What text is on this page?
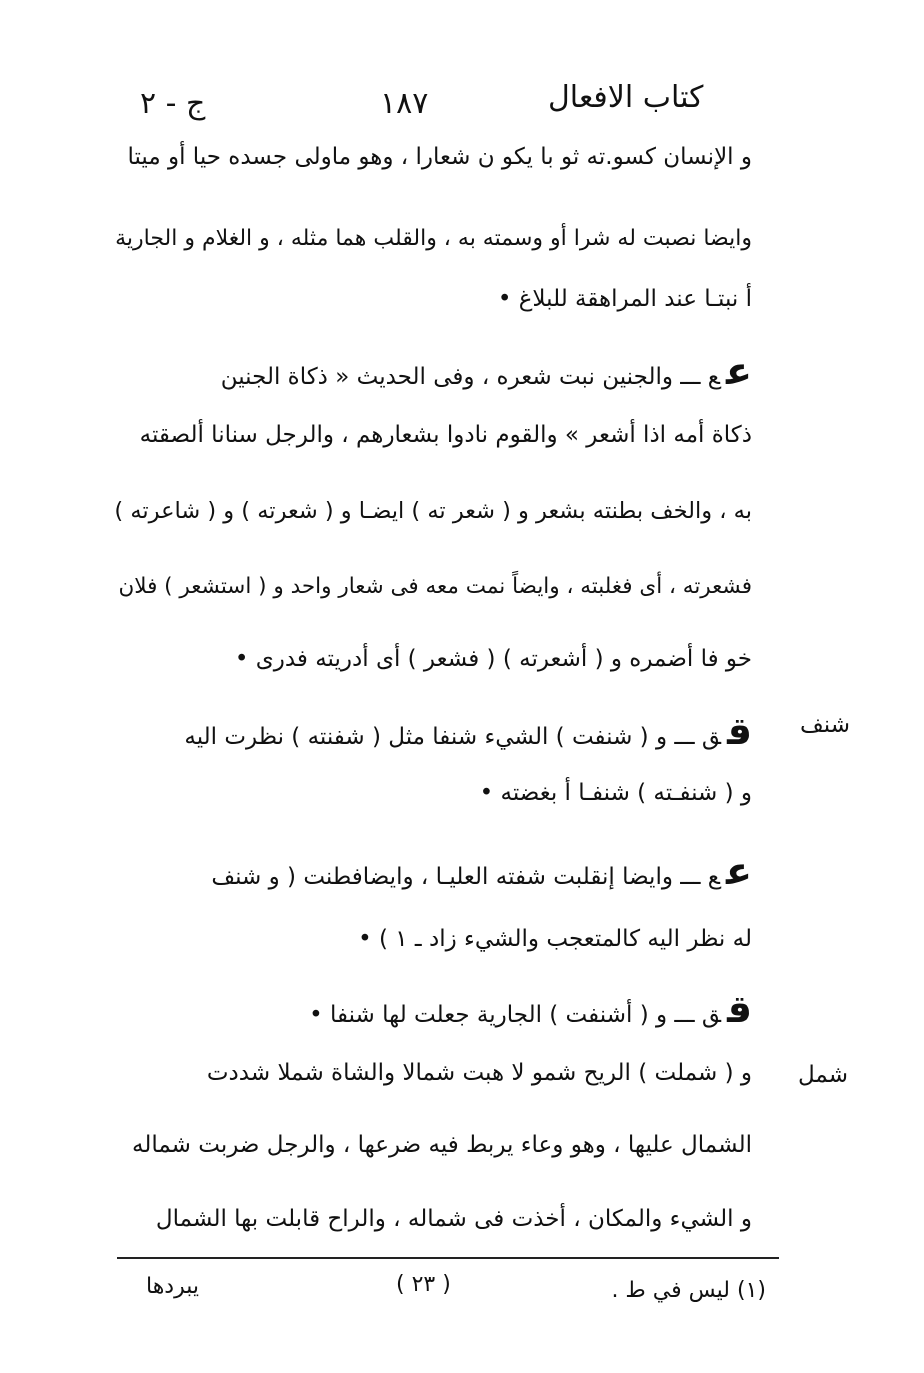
كتاب الافعال
١٨٧
ج - ٢
شنف
شمل
و الإنسان كسو.ته ثو با يكو ن شعارا ، وهو ماولى جسده حيا أو ميتا
وايضا نصبت له شرا أو وسمته به ، والقلب هما مثله ، و الغلام و الجارية
أ نبتـا عند المراهقة للبلاغ •
عع ـــ والجنين نبت شعره ، وفى الحديث « ذكاة الجنين
ذكاة أمه اذا أشعر » والقوم نادوا بشعارهم ، والرجل سنانا ألصقته
به ، والخف بطنته بشعر و ( شعر ته ) ايضـا و ( شعرته ) و ( شاعرته )
فشعرته ، أى فغلبته ، وايضاً نمت معه فى شعار واحد و ( استشعر ) فلان
خو فا أضمره و ( أشعرته ) ( فشعر ) أى أدريته فدرى •
قق ـــ و ( شنفت ) الشيء شنفا مثل ( شفنته ) نظرت اليه
و ( شنفـته ) شنفـا أ بغضته •
عع ـــ وايضا إنقلبت شفته العليـا ، وايضافطنت ( و شنف
له نظر اليه كالمتعجب والشيء زاد ـ ١ ) •
قق ـــ و ( أشنفت ) الجارية جعلت لها شنفا •
و ( شملت ) الريح شمو لا هبت شمالا والشاة شملا شددت
الشمال عليها ، وهو وعاء يربط فيه ضرعها ، والرجل ضربت شماله
و الشيء والمكان ، أخذت فى شماله ، والراح قابلت بها الشمال
(١) ليس في ط .
( ٢٣ )
يبردها
